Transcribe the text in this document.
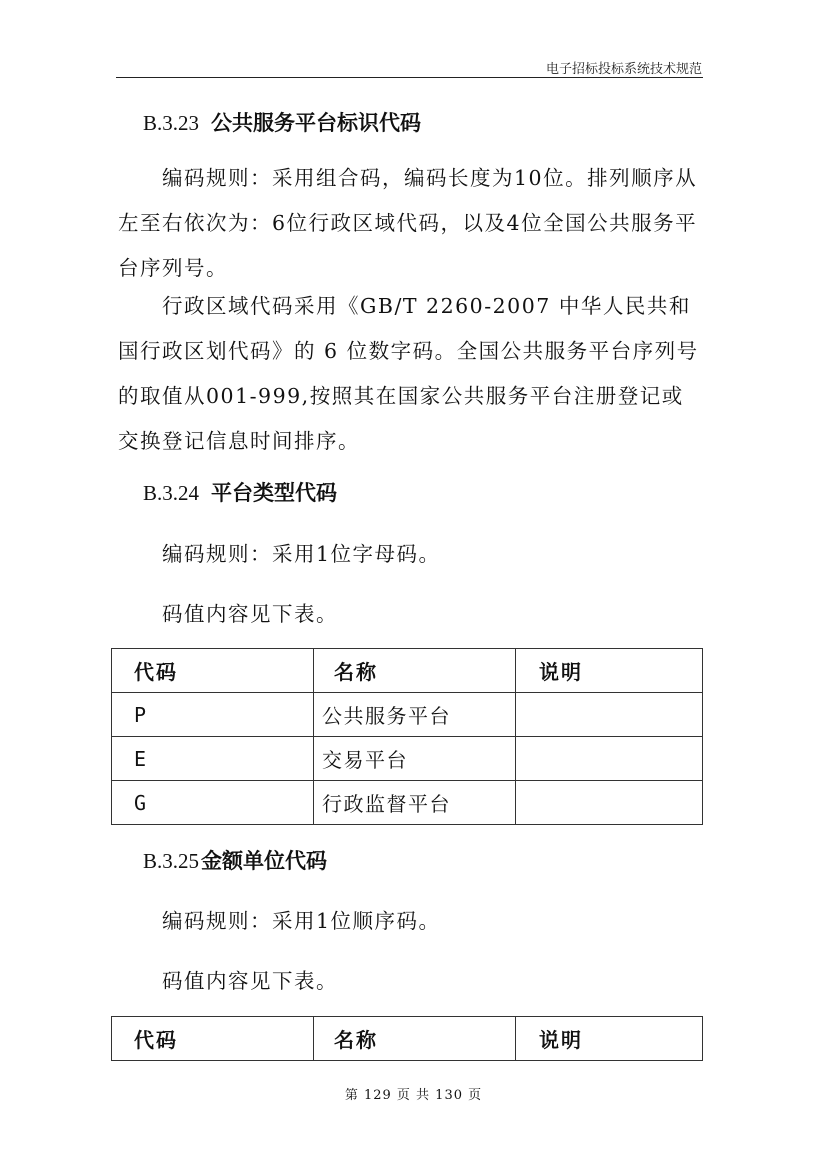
电子招标投标系统技术规范
B.3.23 公共服务平台标识代码

编码规则：采用组合码，编码长度为10位。排列顺序从左至右依次为：6位行政区域代码，以及4位全国公共服务平台序列号。

行政区域代码采用《GB/T 2260-2007 中华人民共和国行政区划代码》的 6 位数字码。全国公共服务平台序列号的取值从001-999,按照其在国家公共服务平台注册登记或交换登记信息时间排序。

B.3.24 平台类型代码
编码规则：采用1位字母码。
码值内容见下表。
代码	名称	说明
P	公共服务平台	
E	交易平台	
G	行政监督平台	
B.3.25金额单位代码
编码规则：采用1位顺序码。
码值内容见下表。
代码	名称	说明
第 129 页 共 130 页
